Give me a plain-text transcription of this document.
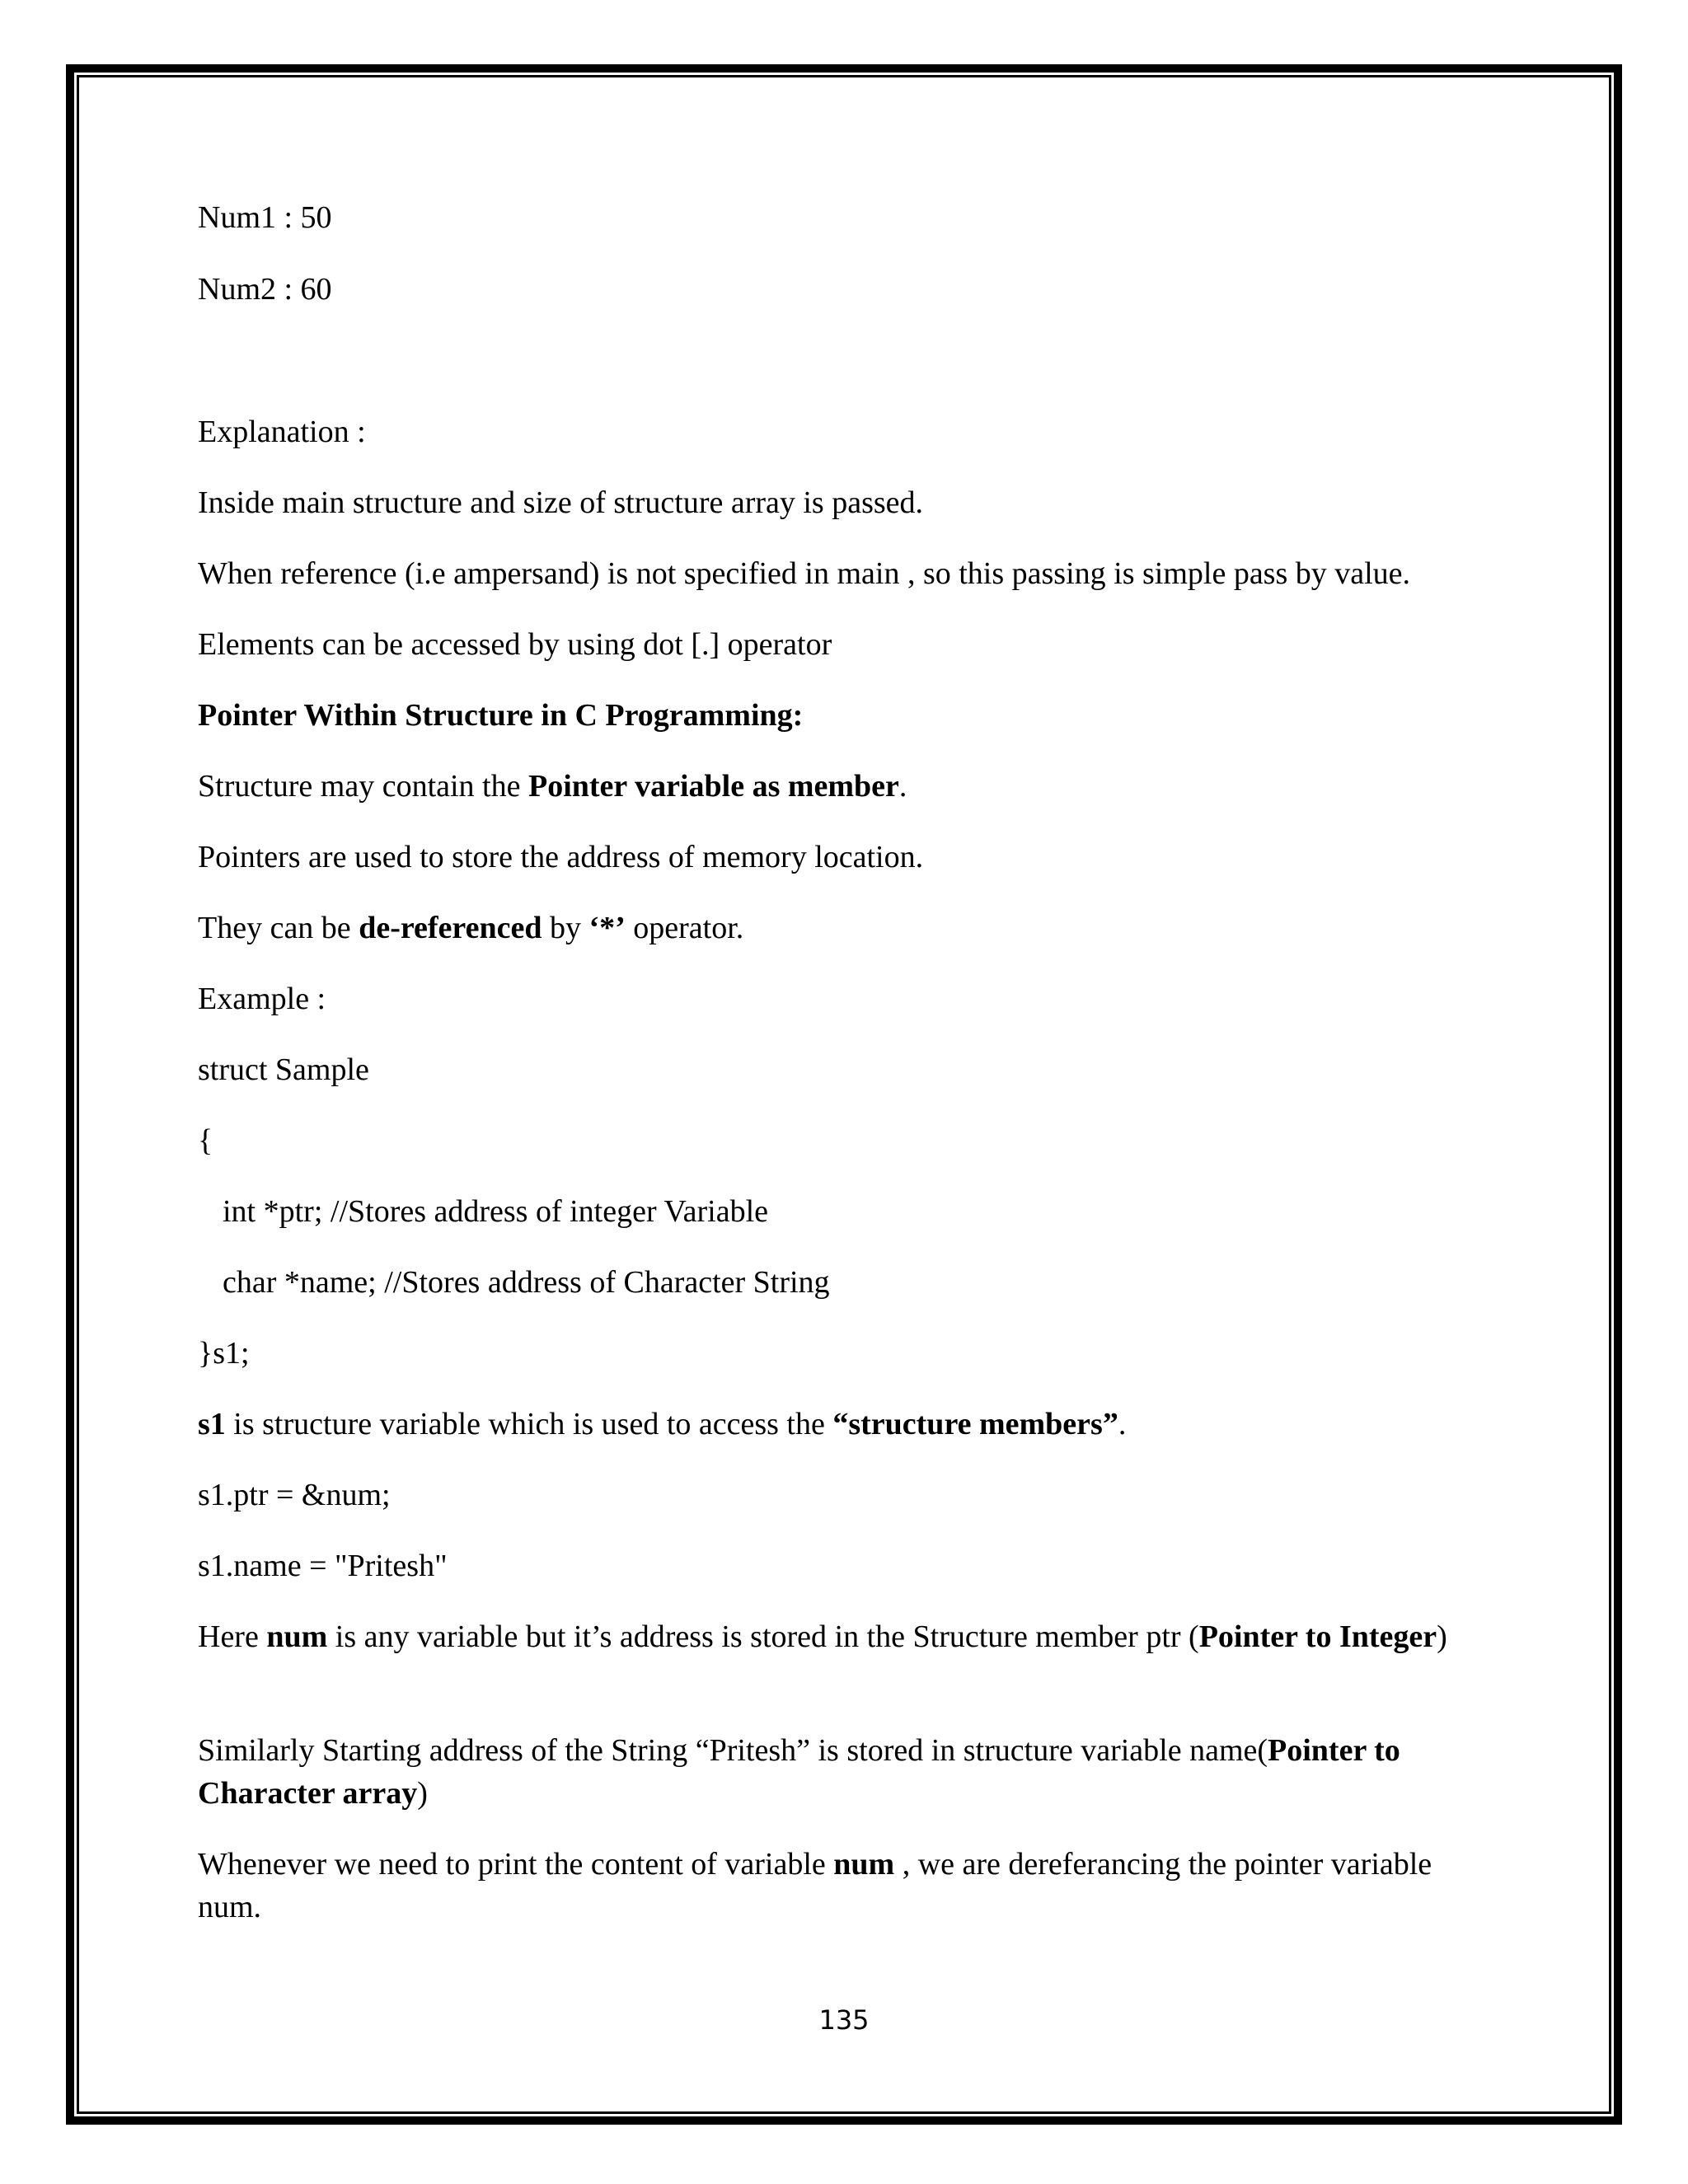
Num1 : 50
Num2 : 60
Explanation :
Inside main structure and size of structure array is passed.
When reference (i.e ampersand) is not specified in main , so this passing is simple pass by value.
Elements can be accessed by using dot [.] operator
Pointer Within Structure in C Programming:
Structure may contain the Pointer variable as member.
Pointers are used to store the address of memory location.
They can be de-referenced by ‘*’ operator.
Example :
struct Sample
{
int *ptr; //Stores address of integer Variable
char *name; //Stores address of Character String
}s1;
s1 is structure variable which is used to access the “structure members”.
s1.ptr = &num;
s1.name = "Pritesh"
Here num is any variable but it’s address is stored in the Structure member ptr (Pointer to Integer)
Similarly Starting address of the String “Pritesh” is stored in structure variable name(Pointer to Character array)
Whenever we need to print the content of variable num , we are dereferancing the pointer variable num.
135
